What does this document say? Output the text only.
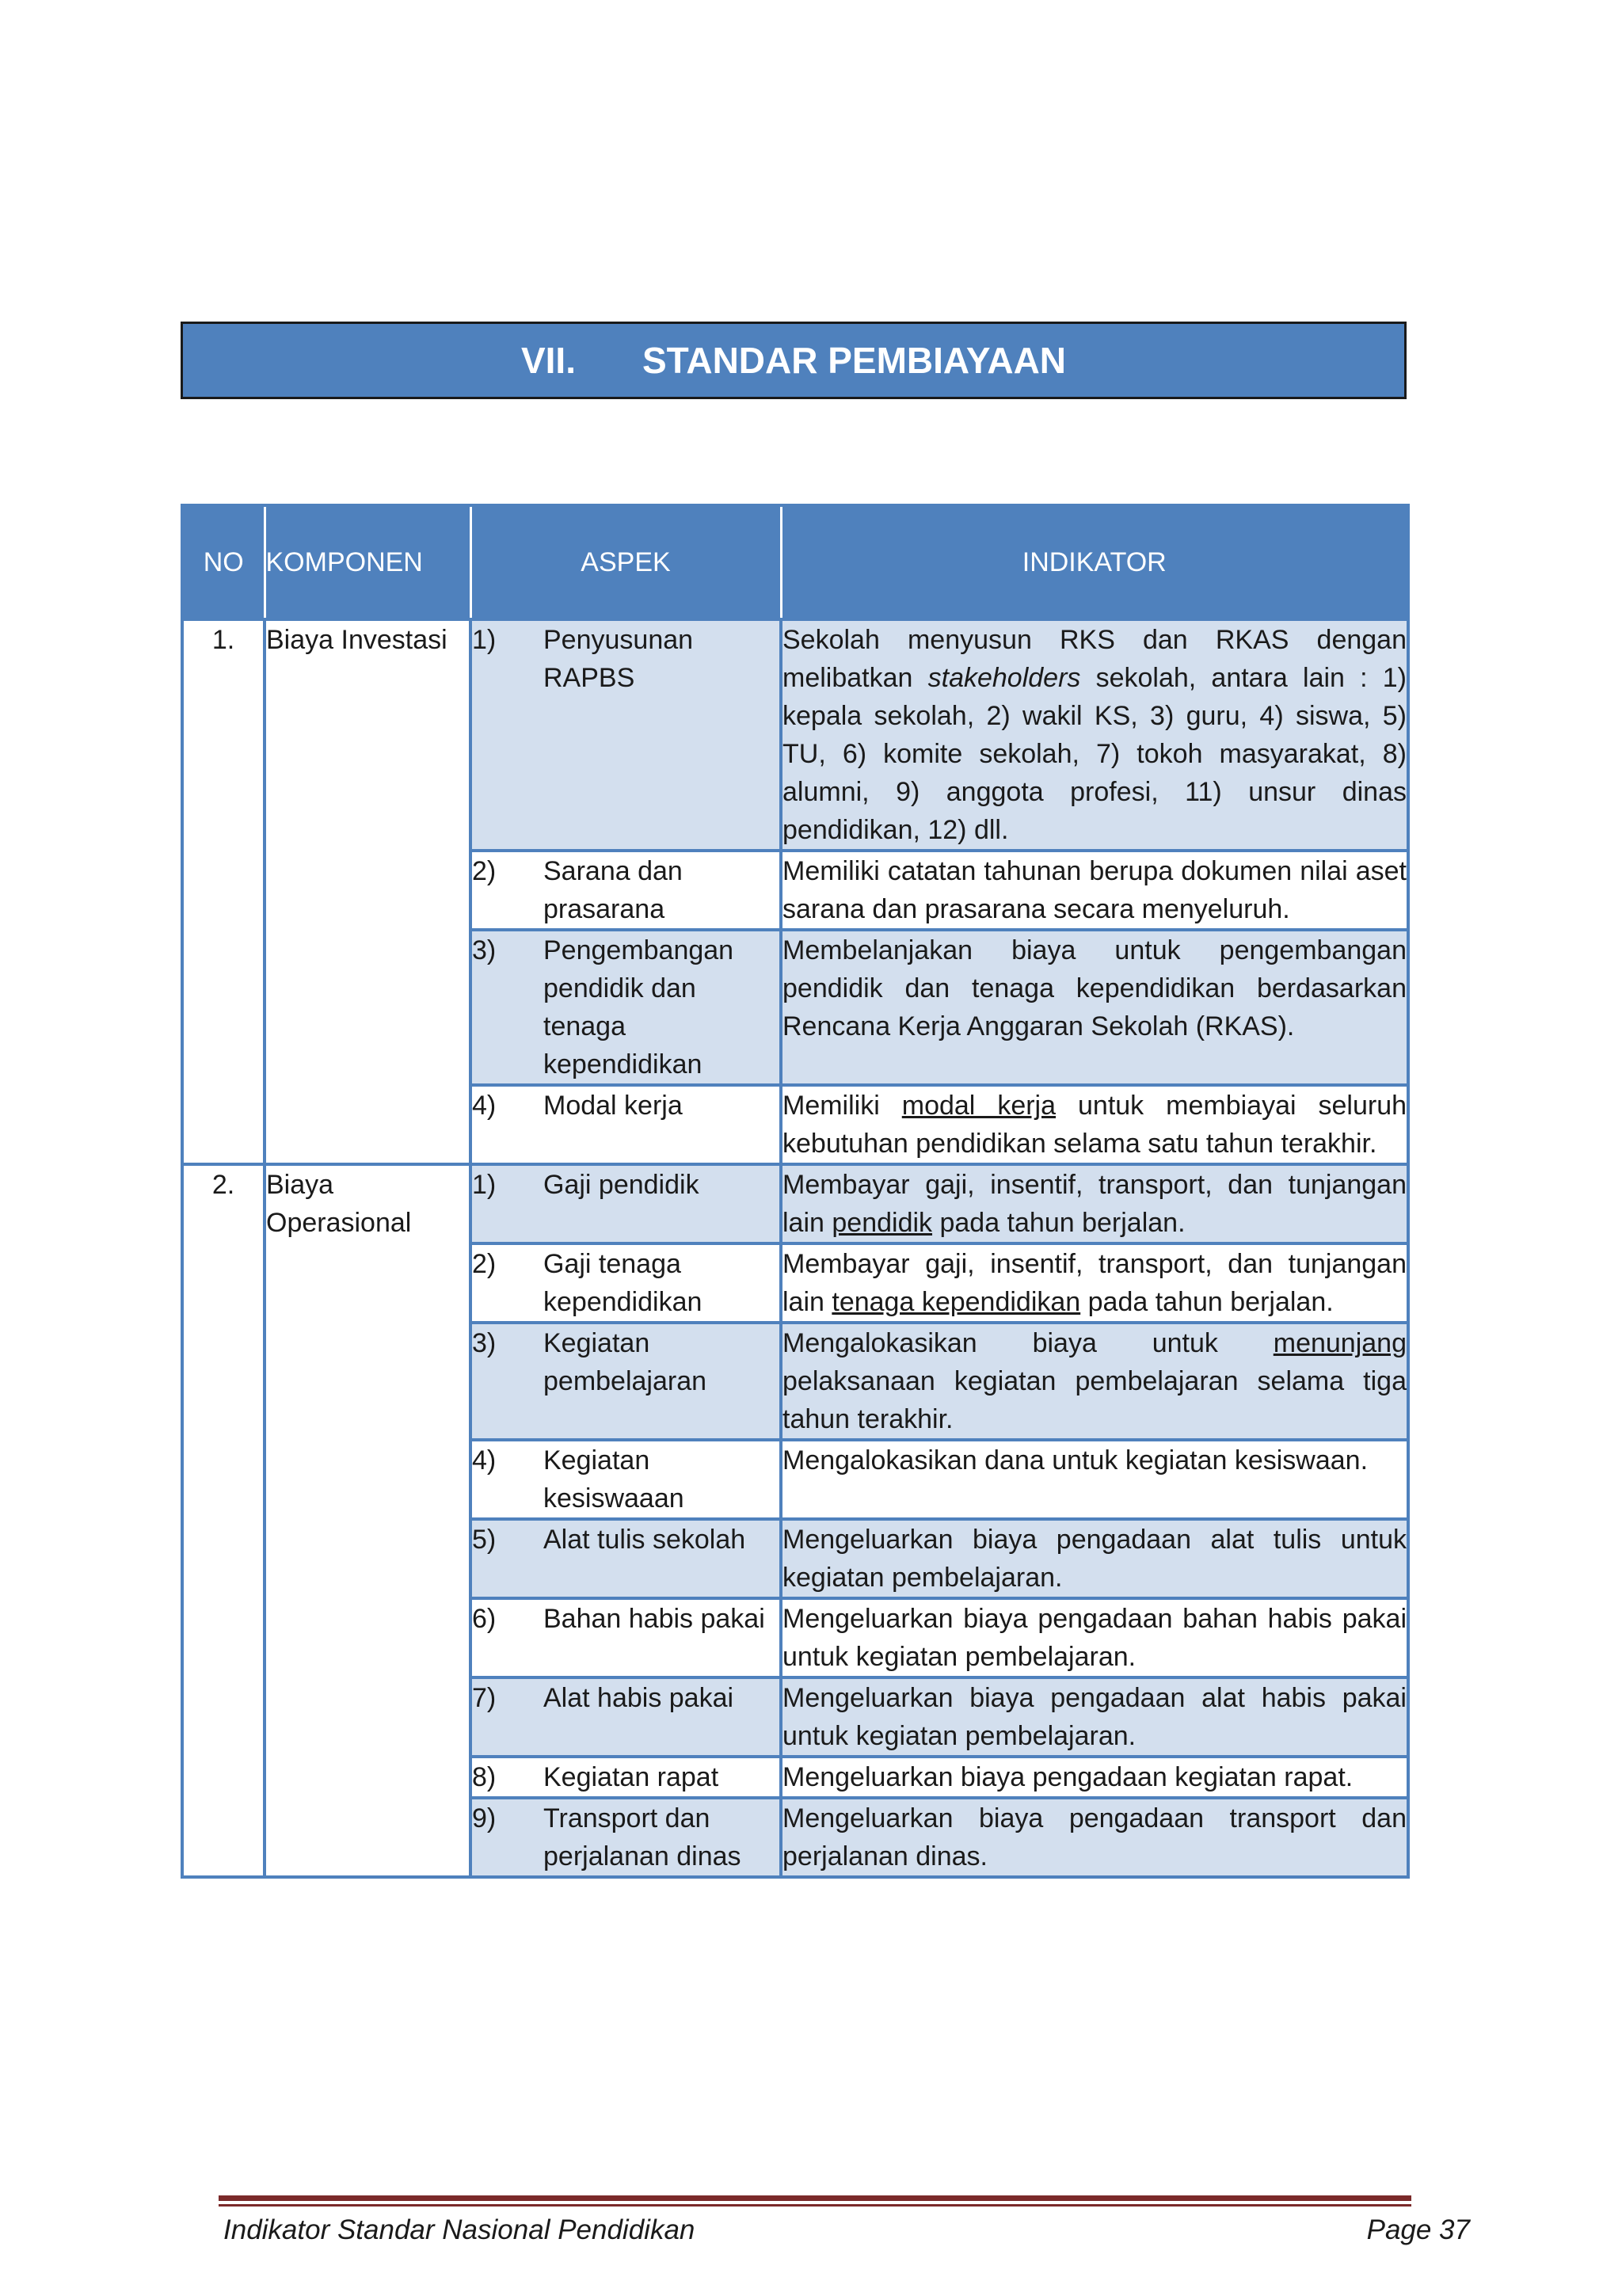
VII. STANDAR PEMBIAYAAN
NO	KOMPONEN	ASPEK	INDIKATOR
1.	Biaya Investasi	1) Penyusunan RAPBS	Sekolah menyusun RKS dan RKAS dengan melibatkan stakeholders sekolah, antara lain : 1) kepala sekolah, 2) wakil KS, 3) guru, 4) siswa, 5) TU, 6) komite sekolah, 7) tokoh masyarakat, 8) alumni, 9) anggota profesi, 11) unsur dinas pendidikan, 12) dll.

		2) Sarana dan prasarana	Memiliki catatan tahunan berupa dokumen nilai aset sarana dan prasarana secara menyeluruh.

		3) Pengembangan pendidik dan tenaga kependidikan	Membelanjakan biaya untuk pengembangan pendidik dan tenaga kependidikan berdasarkan Rencana Kerja Anggaran Sekolah (RKAS).

		4) Modal kerja	Memiliki modal kerja untuk membiayai seluruh kebutuhan pendidikan selama satu tahun terakhir.
2.	Biaya Operasional	1) Gaji pendidik	Membayar gaji, insentif, transport, dan tunjangan lain pendidik pada tahun berjalan.

		2) Gaji tenaga kependidikan	Membayar gaji, insentif, transport, dan tunjangan lain tenaga kependidikan pada tahun berjalan.

		3) Kegiatan pembelajaran	Mengalokasikan biaya untuk menunjang pelaksanaan kegiatan pembelajaran selama tiga tahun terakhir.

		4) Kegiatan kesiswaaan	Mengalokasikan dana untuk kegiatan kesiswaan.

		5) Alat tulis sekolah	Mengeluarkan biaya pengadaan alat tulis untuk kegiatan pembelajaran.

		6) Bahan habis pakai	Mengeluarkan biaya pengadaan bahan habis pakai untuk kegiatan pembelajaran.

		7) Alat habis pakai	Mengeluarkan biaya pengadaan alat habis pakai untuk kegiatan pembelajaran.

		8) Kegiatan rapat	Mengeluarkan biaya pengadaan kegiatan rapat.

		9) Transport dan perjalanan dinas	Mengeluarkan biaya pengadaan transport dan perjalanan dinas.
Indikator Standar Nasional Pendidikan	Page 37
